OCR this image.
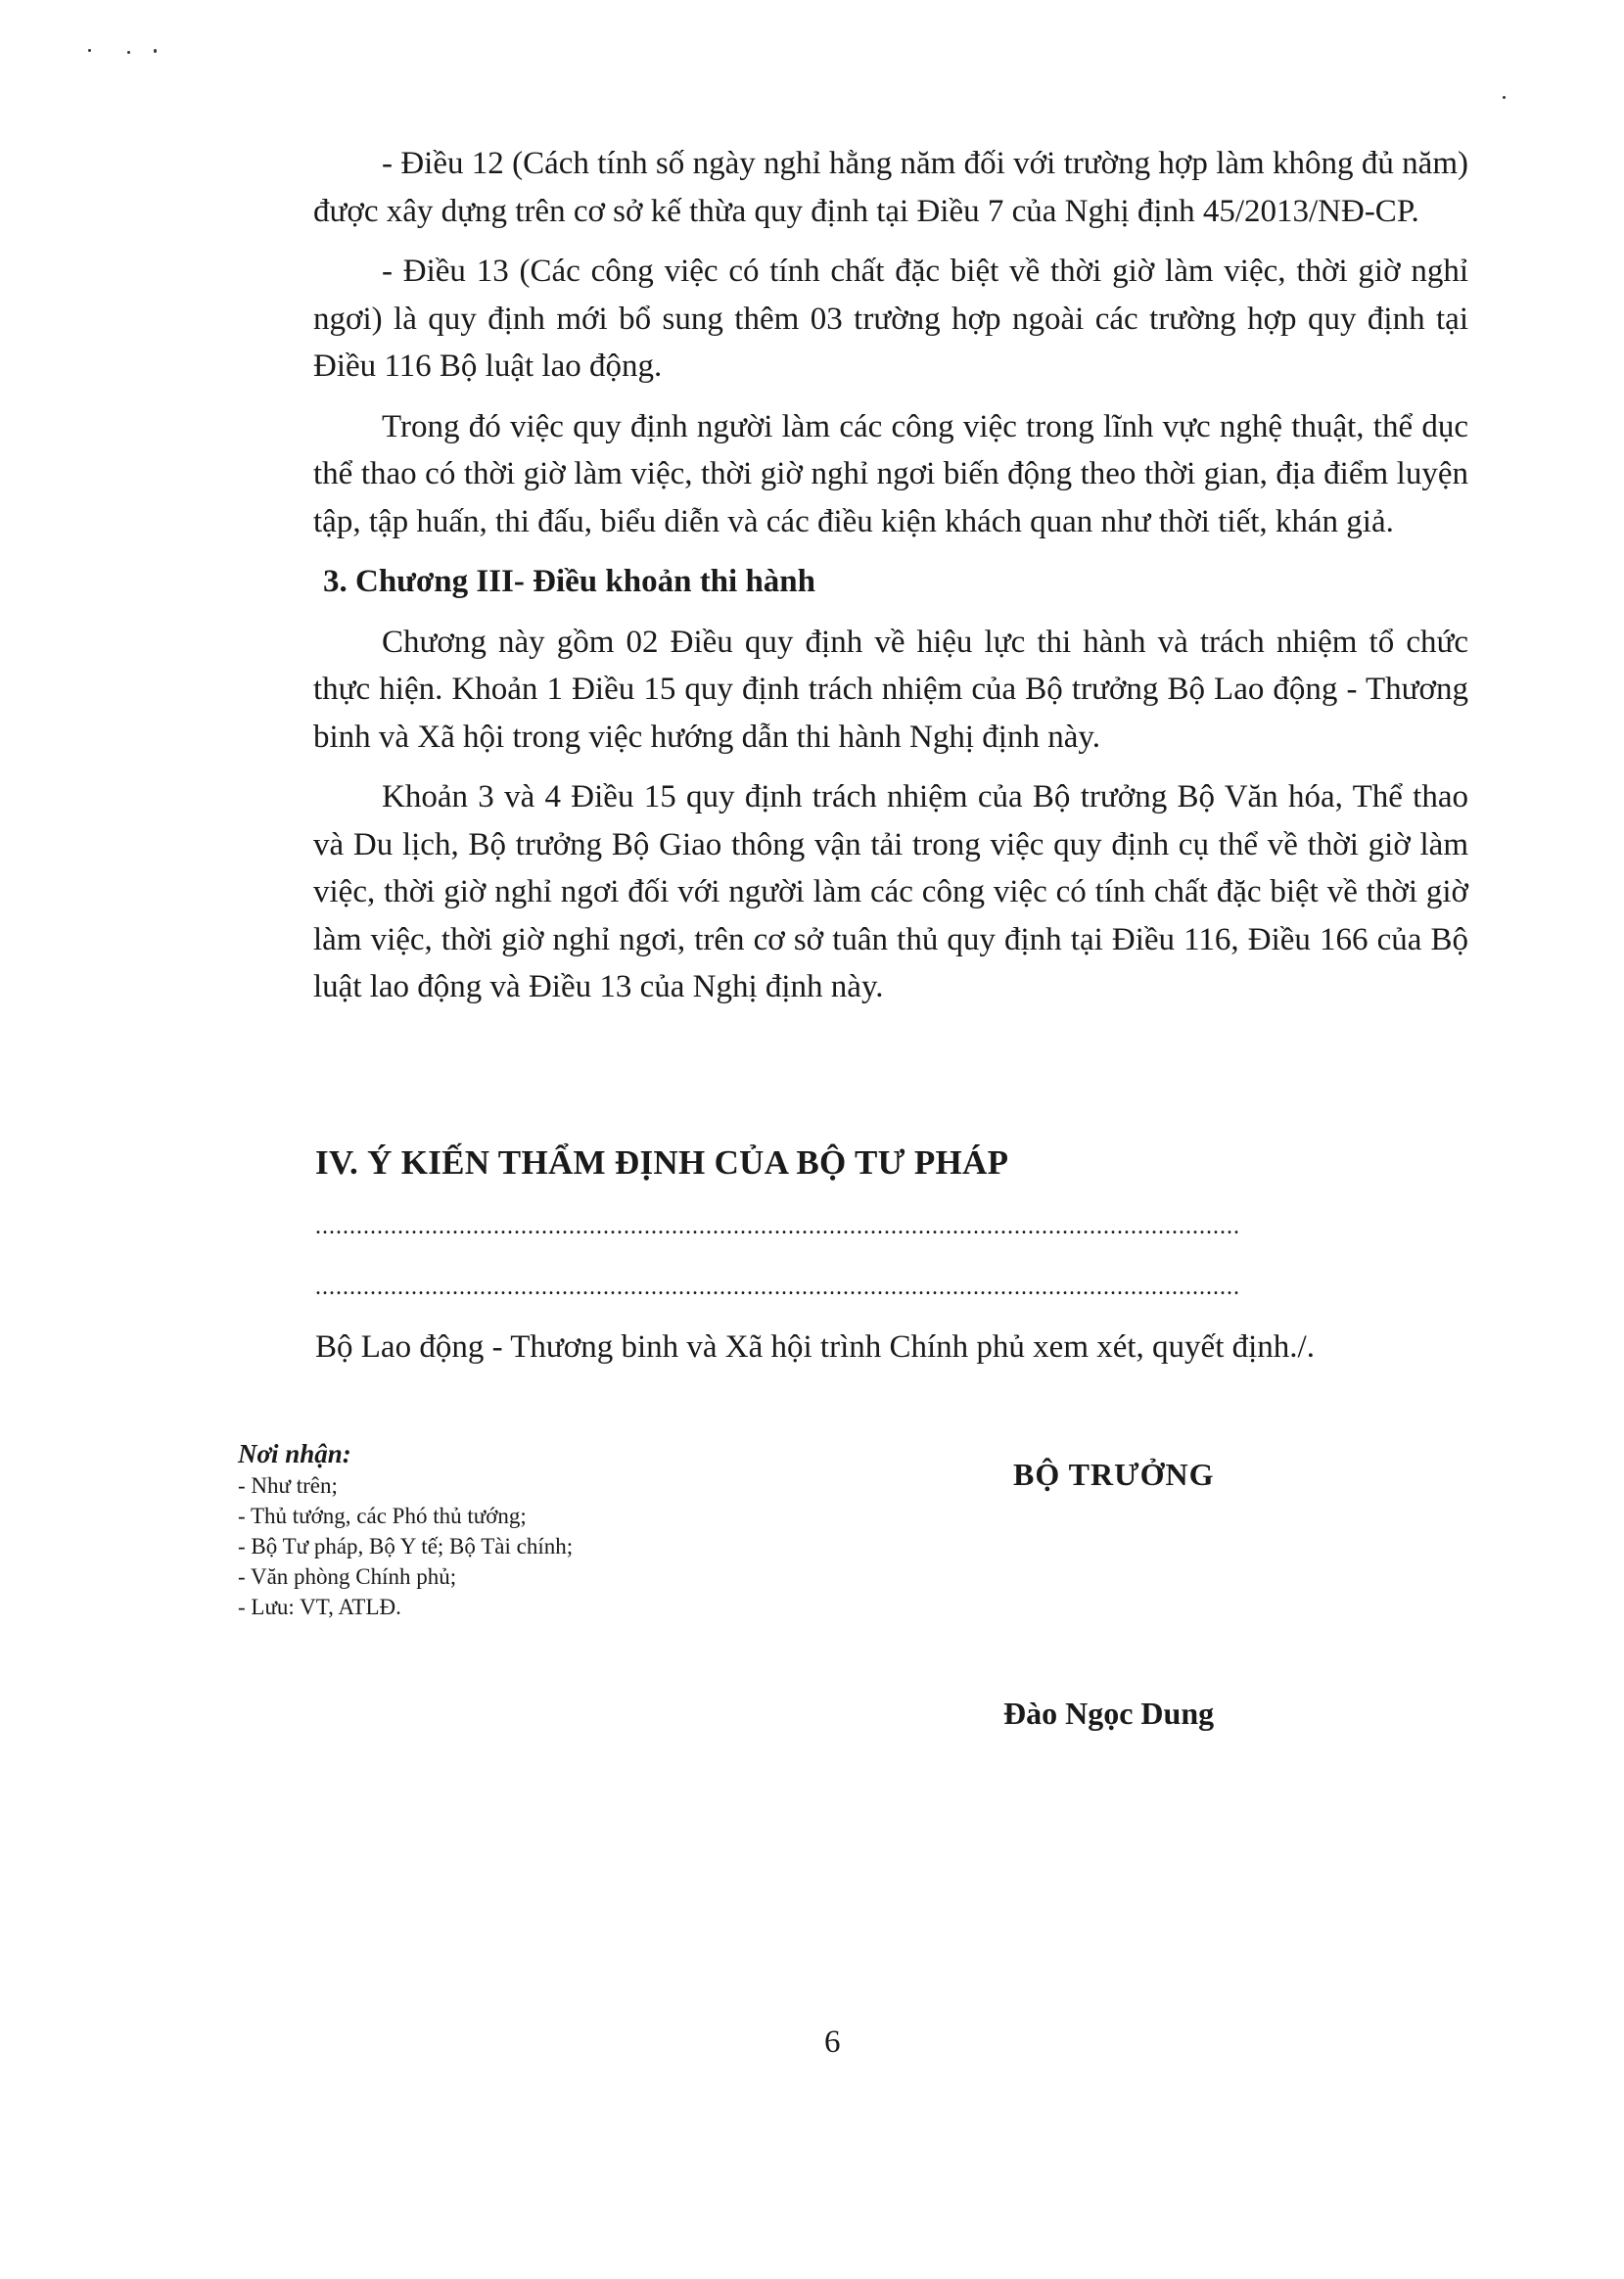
- Điều 12 (Cách tính số ngày nghỉ hằng năm đối với trường hợp làm không đủ năm) được xây dựng trên cơ sở kế thừa quy định tại Điều 7 của Nghị định 45/2013/NĐ-CP.

- Điều 13 (Các công việc có tính chất đặc biệt về thời giờ làm việc, thời giờ nghỉ ngơi) là quy định mới bổ sung thêm 03 trường hợp ngoài các trường hợp quy định tại Điều 116 Bộ luật lao động.

Trong đó việc quy định người làm các công việc trong lĩnh vực nghệ thuật, thể dục thể thao có thời giờ làm việc, thời giờ nghỉ ngơi biến động theo thời gian, địa điểm luyện tập, tập huấn, thi đấu, biểu diễn và các điều kiện khách quan như thời tiết, khán giả.

3. Chương III- Điều khoản thi hành

Chương này gồm 02 Điều quy định về hiệu lực thi hành và trách nhiệm tổ chức thực hiện. Khoản 1 Điều 15 quy định trách nhiệm của Bộ trưởng Bộ Lao động - Thương binh và Xã hội trong việc hướng dẫn thi hành Nghị định này.

Khoản 3 và 4 Điều 15 quy định trách nhiệm của Bộ trưởng Bộ Văn hóa, Thể thao và Du lịch, Bộ trưởng Bộ Giao thông vận tải trong việc quy định cụ thể về thời giờ làm việc, thời giờ nghỉ ngơi đối với người làm các công việc có tính chất đặc biệt về thời giờ làm việc, thời giờ nghỉ ngơi, trên cơ sở tuân thủ quy định tại Điều 116, Điều 166 của Bộ luật lao động và Điều 13 của Nghị định này.

IV. Ý KIẾN THẨM ĐỊNH CỦA BỘ TƯ PHÁP
.......................................................................................................................................
.......................................................................................................................................
Bộ Lao động - Thương binh và Xã hội trình Chính phủ xem xét, quyết định./.
Nơi nhận:
- Như trên;
- Thủ tướng, các Phó thủ tướng;
- Bộ Tư pháp, Bộ Y tế; Bộ Tài chính;
- Văn phòng Chính phủ;
- Lưu: VT, ATLĐ.
BỘ TRƯỞNG
Đào Ngọc Dung
6
